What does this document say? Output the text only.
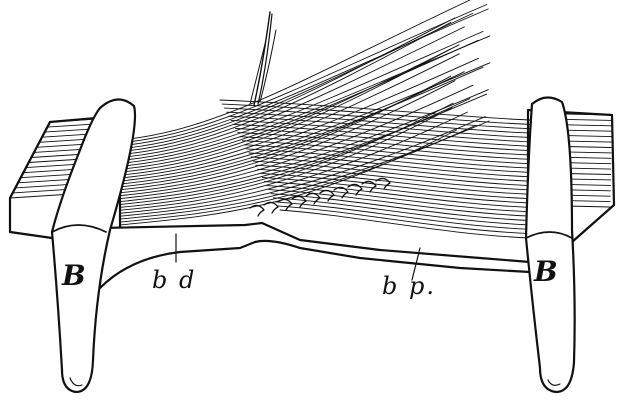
B	B
b d	b p.
